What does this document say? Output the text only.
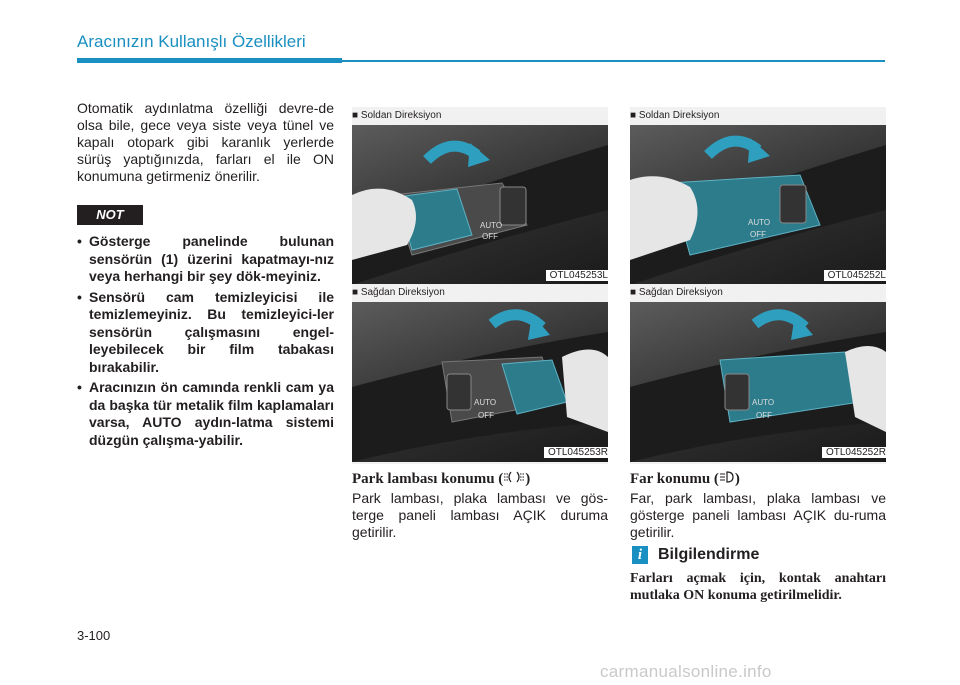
Aracınızın Kullanışlı Özellikleri

Otomatik aydınlatma özelliği devre-de olsa bile, gece veya siste veya tünel ve kapalı otopark gibi karanlık yerlerde sürüş yaptığınızda, farları el ile ON konumuna getirmeniz önerilir.

NOT
• Gösterge panelinde bulunan sensörün (1) üzerini kapatmayı-nız veya herhangi bir şey dök-meyiniz.
• Sensörü cam temizleyicisi ile temizlemeyiniz. Bu temizleyici-ler sensörün çalışmasını engel-leyebilecek bir film tabakası bırakabilir.
• Aracınızın ön camında renkli cam ya da başka tür metalik film kaplamaları varsa, AUTO aydın-latma sistemi düzgün çalışma-yabilir.
■ Soldan Direksiyon
AUTO
OFF
OTL045253L
■ Sağdan Direksiyon
AUTO
OFF
OTL045253R
■ Soldan Direksiyon
AUTO
OFF
OTL045252L
■ Sağdan Direksiyon
AUTO
OFF
OTL045252R
Park lambası konumu ( )

Park lambası, plaka lambası ve gös-terge paneli lambası AÇIK duruma getirilir.

Far konumu ( )

Far, park lambası, plaka lambası ve gösterge paneli lambası AÇIK du-ruma getirilir.

i Bilgilendirme

Farları açmak için, kontak anahtarı mutlaka ON konuma getirilmelidir.

3-100
carmanualsonline.info
